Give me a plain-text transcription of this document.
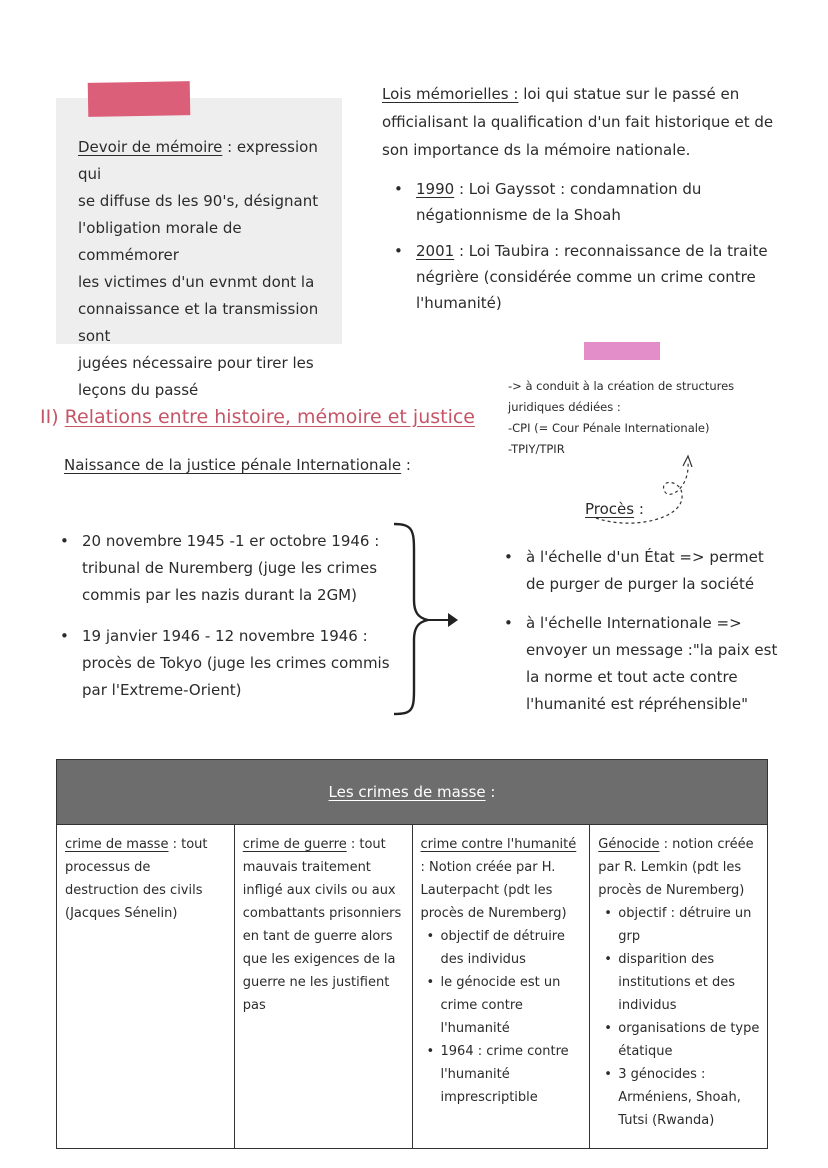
Devoir de mémoire : expression qui
se diffuse ds les 90's, désignant
l'obligation morale de commémorer
les victimes d'un evnmt dont la
connaissance et la transmission sont
jugées nécessaire pour tirer les
leçons du passé
Lois mémorielles : loi qui statue sur le passé en officialisant la qualification d'un fait historique et de son importance ds la mémoire nationale.
• 1990 : Loi Gayssot : condamnation du négationnisme de la Shoah
• 2001 : Loi Taubira : reconnaissance de la traite négrière (considérée comme un crime contre l'humanité)
-> à conduit à la création de structures
juridiques dédiées :
-CPI (= Cour Pénale Internationale)
-TPIY/TPIR
II) Relations entre histoire, mémoire et justice
Naissance de la justice pénale Internationale :
• 20 novembre 1945 -1 er octobre 1946 : tribunal de Nuremberg (juge les crimes commis par les nazis durant la 2GM)
• 19 janvier 1946 - 12 novembre 1946 : procès de Tokyo (juge les crimes commis par l'Extreme-Orient)
Procès :
• à l'échelle d'un État => permet de purger de purger la société
• à l'échelle Internationale => envoyer un message :"la paix est la norme et tout acte contre l'humanité est répréhensible"
Les crimes de masse :
crime de masse : tout processus de destruction des civils (Jacques Sénelin)
crime de guerre : tout mauvais traitement infligé aux civils ou aux combattants prisonniers en tant de guerre alors que les exigences de la guerre ne les justifient pas
crime contre l'humanité : Notion créée par H. Lauterpacht (pdt les procès de Nuremberg)
• objectif de détruire des individus
• le génocide est un crime contre l'humanité
• 1964 : crime contre l'humanité imprescriptible
Génocide : notion créée par R. Lemkin (pdt les procès de Nuremberg)
• objectif : détruire un grp
• disparition des institutions et des individus
• organisations de type étatique
• 3 génocides : Arméniens, Shoah, Tutsi (Rwanda)
